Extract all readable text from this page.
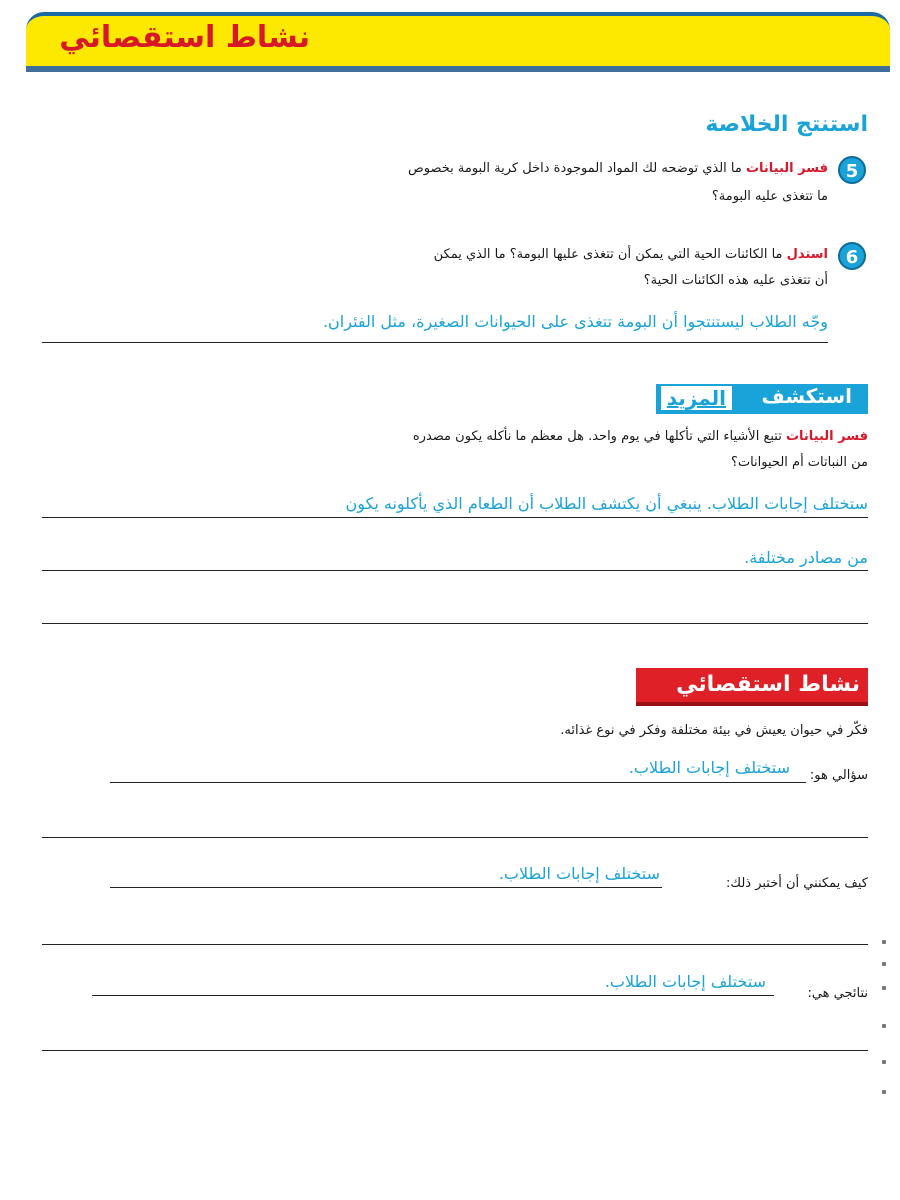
نشاط استقصائي
استنتج الخلاصة
5
فسر البيانات ما الذي توضحه لك المواد الموجودة داخل كرية البومة بخصوص
ما تتغذى عليه البومة؟
6
استدل ما الكائنات الحية التي يمكن أن تتغذى عليها البومة؟ ما الذي يمكن
أن تتغذى عليه هذه الكائنات الحية؟
وجّه الطلاب ليستنتجوا أن البومة تتغذى على الحيوانات الصغيرة، مثل الفئران.
استكشف
المزيد
فسر البيانات تتبع الأشياء التي تأكلها في يوم واحد. هل معظم ما نأكله يكون مصدره
من النباتات أم الحيوانات؟
ستختلف إجابات الطلاب. ينبغي أن يكتشف الطلاب أن الطعام الذي يأكلونه يكون
من مصادر مختلفة.
نشاط استقصائي
فكّر في حيوان يعيش في بيئة مختلفة وفكر في نوع غذائه.
سؤالي هو:
ستختلف إجابات الطلاب.
كيف يمكنني أن أختبر ذلك:
ستختلف إجابات الطلاب.
نتائجي هي:
ستختلف إجابات الطلاب.
